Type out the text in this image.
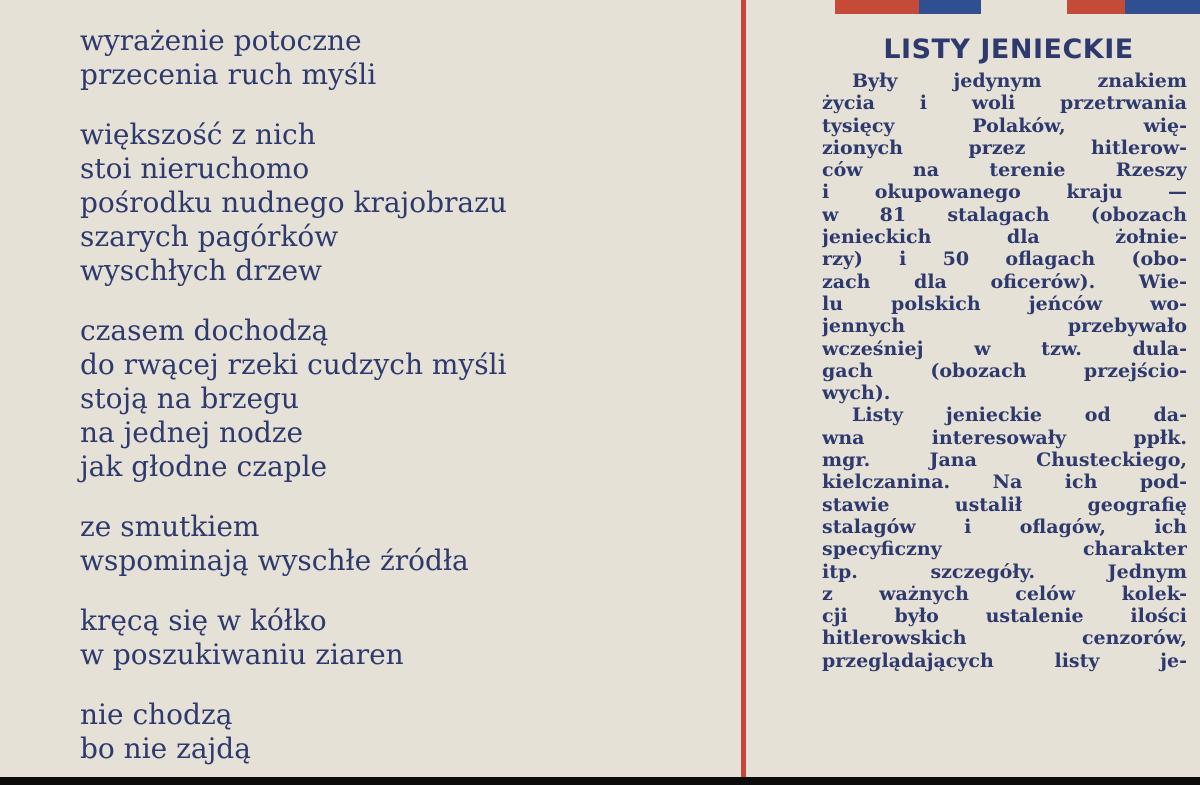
wyrażenie potoczne
przecenia ruch myśli
większość z nich
stoi nieruchomo
pośrodku nudnego krajobrazu
szarych pagórków
wyschłych drzew
czasem dochodzą
do rwącej rzeki cudzych myśli
stoją na brzegu
na jednej nodze
jak głodne czaple
ze smutkiem
wspominają wyschłe źródła
kręcą się w kółko
w poszukiwaniu ziaren
nie chodzą
bo nie zajdą
LISTY JENIECKIE
Były jedynym znakiem
życia i woli przetrwania
tysięcy Polaków, wię-
zionych przez hitlerow-
ców na terenie Rzeszy
i okupowanego kraju —
w 81 stalagach (obozach
jenieckich dla żołnie-
rzy) i 50 oflagach (obo-
zach dla oficerów). Wie-
lu polskich jeńców wo-
jennych przebywało
wcześniej w tzw. dula-
gach (obozach przejścio-
wych).
Listy jenieckie od da-
wna interesowały ppłk.
mgr. Jana Chusteckiego,
kielczanina. Na ich pod-
stawie ustalił geografię
stalagów i oflagów, ich
specyficzny charakter
itp. szczegóły. Jednym
z ważnych celów kolek-
cji było ustalenie ilości
hitlerowskich cenzorów,
przeglądających listy je-
